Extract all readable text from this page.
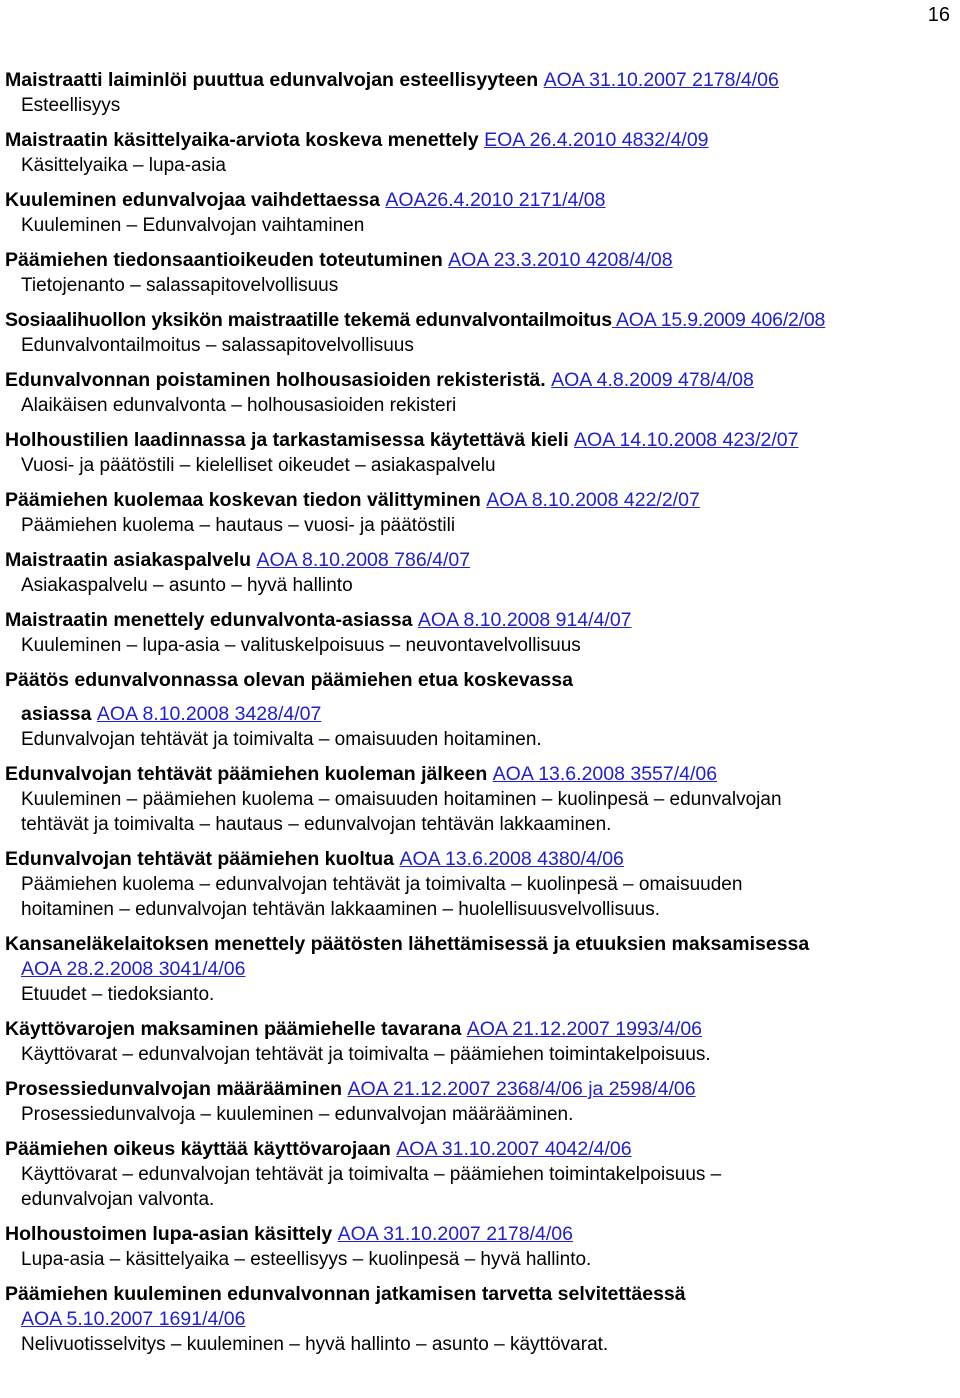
16
Maistraatti laiminlöi puuttua edunvalvojan esteellisyyteen AOA 31.10.2007 2178/4/06
Esteellisyys
Maistraatin käsittelyaika-arviota koskeva menettely EOA 26.4.2010 4832/4/09
Käsittelyaika – lupa-asia
Kuuleminen edunvalvojaa vaihdettaessa AOA26.4.2010 2171/4/08
Kuuleminen – Edunvalvojan vaihtaminen
Päämiehen tiedonsaantioikeuden toteutuminen AOA 23.3.2010 4208/4/08
Tietojenanto – salassapitovelvollisuus
Sosiaalihuollon yksikön maistraatille tekemä edunvalvontailmoitus AOA 15.9.2009 406/2/08
Edunvalvontailmoitus – salassapitovelvollisuus
Edunvalvonnan poistaminen holhousasioiden rekisteristä. AOA 4.8.2009 478/4/08
Alaikäisen edunvalvonta – holhousasioiden rekisteri
Holhoustilien laadinnassa ja tarkastamisessa käytettävä kieli AOA 14.10.2008 423/2/07
Vuosi- ja päätöstili – kielelliset oikeudet – asiakaspalvelu
Päämiehen kuolemaa koskevan tiedon välittyminen AOA 8.10.2008 422/2/07
Päämiehen kuolema – hautaus – vuosi- ja päätöstili
Maistraatin asiakaspalvelu AOA 8.10.2008 786/4/07
Asiakaspalvelu – asunto – hyvä hallinto
Maistraatin menettely edunvalvonta-asiassa AOA 8.10.2008 914/4/07
Kuuleminen – lupa-asia – valituskelpoisuus – neuvontavelvollisuus
Päätös edunvalvonnassa olevan päämiehen etua koskevassa
asiassa AOA 8.10.2008 3428/4/07
Edunvalvojan tehtävät ja toimivalta – omaisuuden hoitaminen.
Edunvalvojan tehtävät päämiehen kuoleman jälkeen AOA 13.6.2008 3557/4/06
Kuuleminen – päämiehen kuolema – omaisuuden hoitaminen – kuolinpesä – edunvalvojan
tehtävät ja toimivalta – hautaus – edunvalvojan tehtävän lakkaaminen.
Edunvalvojan tehtävät päämiehen kuoltua AOA 13.6.2008 4380/4/06
Päämiehen kuolema – edunvalvojan tehtävät ja toimivalta – kuolinpesä – omaisuuden
hoitaminen – edunvalvojan tehtävän lakkaaminen – huolellisuusvelvollisuus.
Kansaneläkelaitoksen menettely päätösten lähettämisessä ja etuuksien maksamisessa
AOA 28.2.2008 3041/4/06
Etuudet – tiedoksianto.
Käyttövarojen maksaminen päämiehelle tavarana AOA 21.12.2007 1993/4/06
Käyttövarat – edunvalvojan tehtävät ja toimivalta – päämiehen toimintakelpoisuus.
Prosessiedunvalvojan määrääminen AOA 21.12.2007 2368/4/06 ja 2598/4/06
Prosessiedunvalvoja – kuuleminen – edunvalvojan määrääminen.
Päämiehen oikeus käyttää käyttövarojaan AOA 31.10.2007 4042/4/06
Käyttövarat – edunvalvojan tehtävät ja toimivalta – päämiehen toimintakelpoisuus –
edunvalvojan valvonta.
Holhoustoimen lupa-asian käsittely AOA 31.10.2007 2178/4/06
Lupa-asia – käsittelyaika – esteellisyys – kuolinpesä – hyvä hallinto.
Päämiehen kuuleminen edunvalvonnan jatkamisen tarvetta selvitettäessä
AOA 5.10.2007 1691/4/06
Nelivuotisselvitys – kuuleminen – hyvä hallinto – asunto – käyttövarat.
